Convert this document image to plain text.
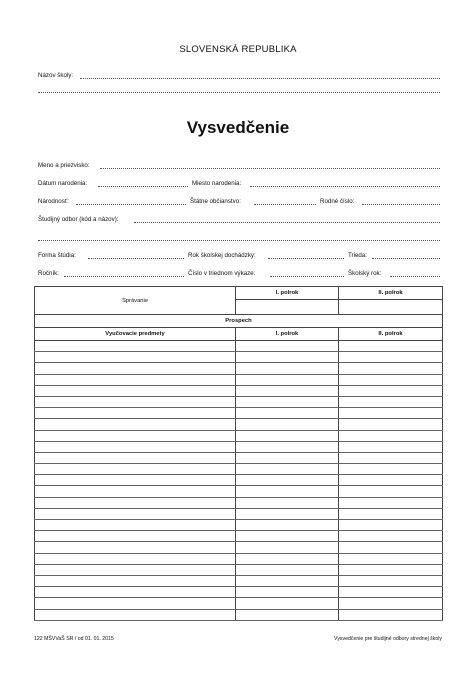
SLOVENSKÁ REPUBLIKA
Názov školy:
Vysvedčenie
Meno a priezvisko:
Dátum narodenia:	Miesto narodenia:
Národnosť:	Štátne občianstvo:	Rodné číslo:
Študijný odbor (kód a názov):
Forma štúdia:	Rok školskej dochádzky:	Trieda:
Ročník:	Číslo v triednom výkaze:	Školský rok:
Správanie	I. polrok	II. polrok

Prospech		
Vyučovacie predmety	I. polrok	II. polrok

122 MŠVVaŠ SR / od 01. 01. 2015	Vysvedčenie pre študijné odbory strednej školy
